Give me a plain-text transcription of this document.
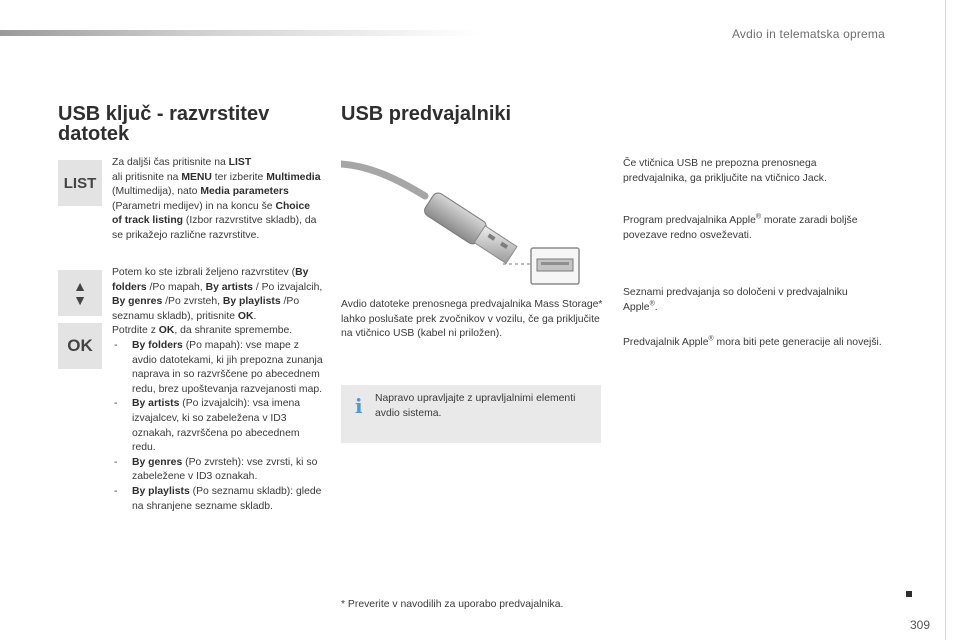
Avdio in telematska oprema
USB ključ - razvrstitev datotek
LIST
▲
▼
OK
Za daljši čas pritisnite na LIST
ali pritisnite na MENU ter izberite Multimedia (Multimedija), nato Media parameters (Parametri medijev) in na koncu še Choice of track listing (Izbor razvrstitve skladb), da se prikažejo različne razvrstitve.
Potem ko ste izbrali željeno razvrstitev (By folders /Po mapah, By artists / Po izvajalcih, By genres /Po zvrsteh, By playlists /Po seznamu skladb), pritisnite OK.
Potrdite z OK, da shranite spremembe.
- By folders (Po mapah): vse mape z avdio datotekami, ki jih prepozna zunanja naprava in so razvrščene po abecednem redu, brez upoštevanja razvejanosti map.
- By artists (Po izvajalcih): vsa imena izvajalcev, ki so zabeležena v ID3 oznakah, razvrščena po abecednem redu.
- By genres (Po zvrsteh): vse zvrsti, ki so zabeležene v ID3 oznakah.
- By playlists (Po seznamu skladb): glede na shranjene sezname skladb.
USB predvajalniki
Avdio datoteke prenosnega predvajalnika Mass Storage* lahko poslušate prek zvočnikov v vozilu, če ga priključite na vtičnico USB (kabel ni priložen).
i Napravo upravljajte z upravljalnimi elementi avdio sistema.
* Preverite v navodilih za uporabo predvajalnika.
Če vtičnica USB ne prepozna prenosnega predvajalnika, ga priključite na vtičnico Jack.
Program predvajalnika Apple® morate zaradi boljše povezave redno osveževati.
Seznami predvajanja so določeni v predvajalniku Apple®.
Predvajalnik Apple® mora biti pete generacije ali novejši.
309
